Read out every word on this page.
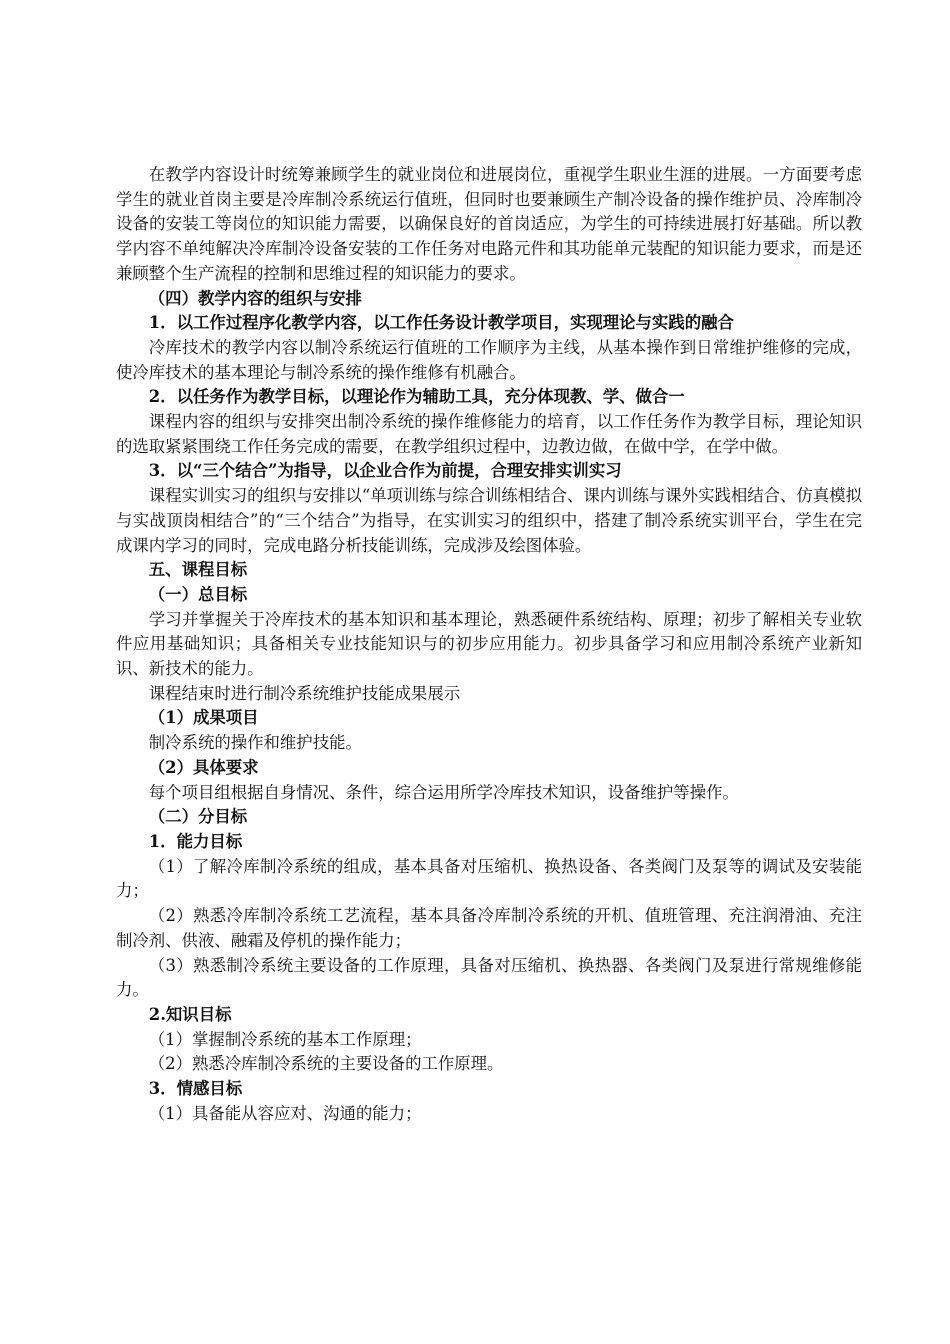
在教学内容设计时统筹兼顾学生的就业岗位和进展岗位，重视学生职业生涯的进展。一方面要考虑学生的就业首岗主要是冷库制冷系统运行值班，但同时也要兼顾生产制冷设备的操作维护员、冷库制冷设备的安装工等岗位的知识能力需要，以确保良好的首岗适应，为学生的可持续进展打好基础。所以教学内容不单纯解决冷库制冷设备安装的工作任务对电路元件和其功能单元装配的知识能力要求，而是还兼顾整个生产流程的控制和思维过程的知识能力的要求。

（四）教学内容的组织与安排

1．以工作过程序化教学内容，以工作任务设计教学项目，实现理论与实践的融合

冷库技术的教学内容以制冷系统运行值班的工作顺序为主线，从基本操作到日常维护维修的完成，使冷库技术的基本理论与制冷系统的操作维修有机融合。

2．以任务作为教学目标，以理论作为辅助工具，充分体现教、学、做合一

课程内容的组织与安排突出制冷系统的操作维修能力的培育，以工作任务作为教学目标，理论知识的选取紧紧围绕工作任务完成的需要，在教学组织过程中，边教边做，在做中学，在学中做。

3．以“三个结合”为指导，以企业合作为前提，合理安排实训实习

课程实训实习的组织与安排以“单项训练与综合训练相结合、课内训练与课外实践相结合、仿真模拟与实战顶岗相结合”的“三个结合”为指导，在实训实习的组织中，搭建了制冷系统实训平台，学生在完成课内学习的同时，完成电路分析技能训练，完成涉及绘图体验。

五、课程目标

（一）总目标

学习并掌握关于冷库技术的基本知识和基本理论，熟悉硬件系统结构、原理；初步了解相关专业软件应用基础知识；具备相关专业技能知识与的初步应用能力。初步具备学习和应用制冷系统产业新知识、新技术的能力。

课程结束时进行制冷系统维护技能成果展示

（1）成果项目

制冷系统的操作和维护技能。

（2）具体要求

每个项目组根据自身情况、条件，综合运用所学冷库技术知识，设备维护等操作。

（二）分目标

1．能力目标

（1）了解冷库制冷系统的组成，基本具备对压缩机、换热设备、各类阀门及泵等的调试及安装能力；

（2）熟悉冷库制冷系统工艺流程，基本具备冷库制冷系统的开机、值班管理、充注润滑油、充注制冷剂、供液、融霜及停机的操作能力；

（3）熟悉制冷系统主要设备的工作原理，具备对压缩机、换热器、各类阀门及泵进行常规维修能力。

2.知识目标

（1）掌握制冷系统的基本工作原理；

（2）熟悉冷库制冷系统的主要设备的工作原理。

3．情感目标

（1）具备能从容应对、沟通的能力；
